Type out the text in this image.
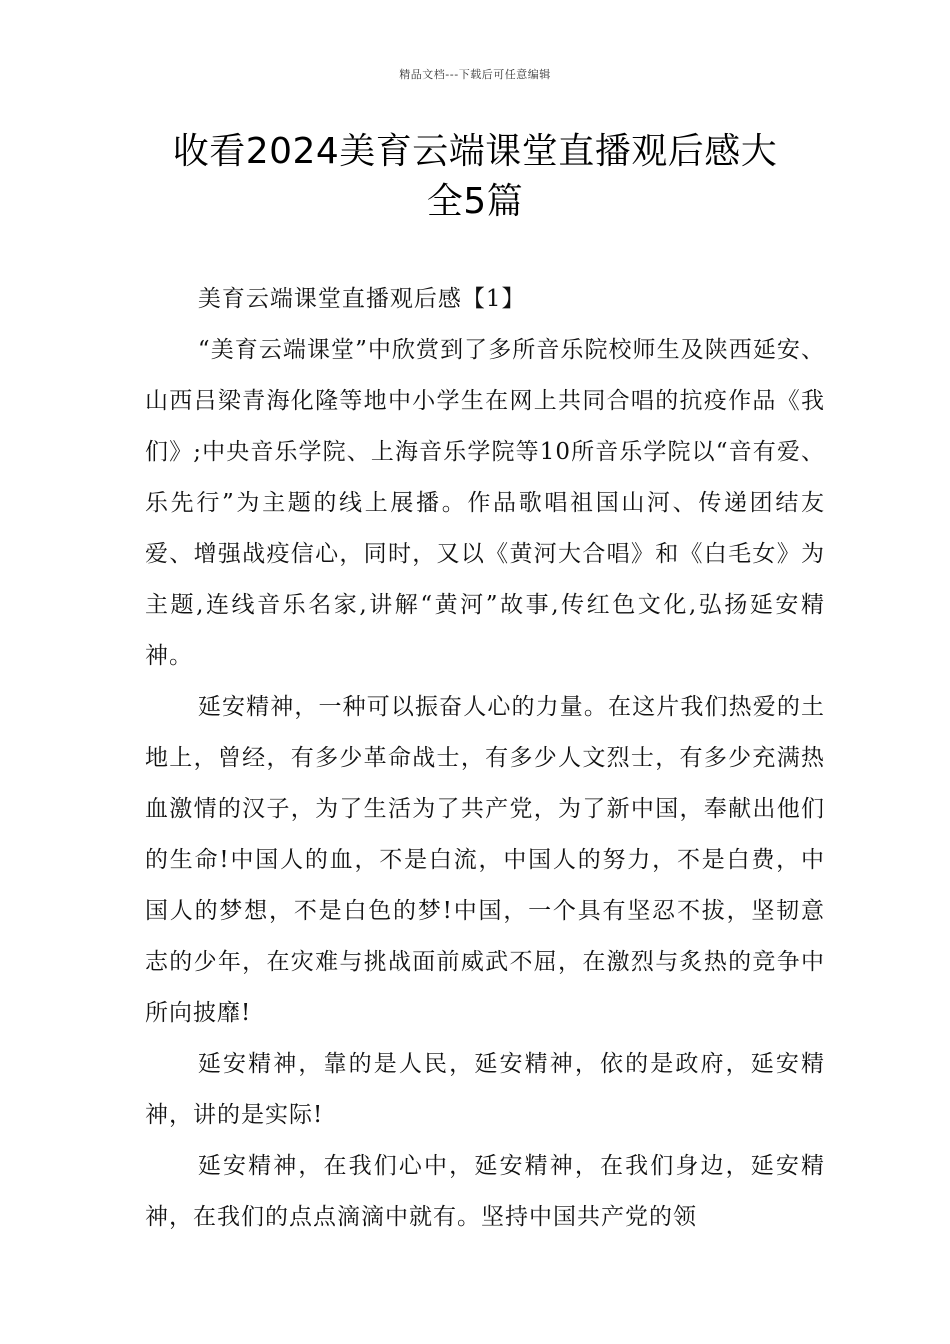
精品文档---下载后可任意编辑
收看2024美育云端课堂直播观后感大
全5篇

美育云端课堂直播观后感【1】

“美育云端课堂”中欣赏到了多所音乐院校师生及陕西延安、山西吕梁青海化隆等地中小学生在网上共同合唱的抗疫作品《我们》;中央音乐学院、上海音乐学院等10所音乐学院以“音有爱、乐先行”为主题的线上展播。作品歌唱祖国山河、传递团结友爱、增强战疫信心，同时，又以《黄河大合唱》和《白毛女》为主题,连线音乐名家,讲解“黄河”故事,传红色文化,弘扬延安精神。

延安精神，一种可以振奋人心的力量。在这片我们热爱的土地上，曾经，有多少革命战士，有多少人文烈士，有多少充满热血激情的汉子，为了生活为了共产党，为了新中国，奉献出他们的生命!中国人的血，不是白流，中国人的努力，不是白费，中国人的梦想，不是白色的梦!中国，一个具有坚忍不拔，坚韧意志的少年，在灾难与挑战面前威武不屈，在激烈与炙热的竞争中所向披靡!

延安精神，靠的是人民，延安精神，依的是政府，延安精神，讲的是实际!

延安精神，在我们心中，延安精神，在我们身边，延安精神，在我们的点点滴滴中就有。坚持中国共产党的领
